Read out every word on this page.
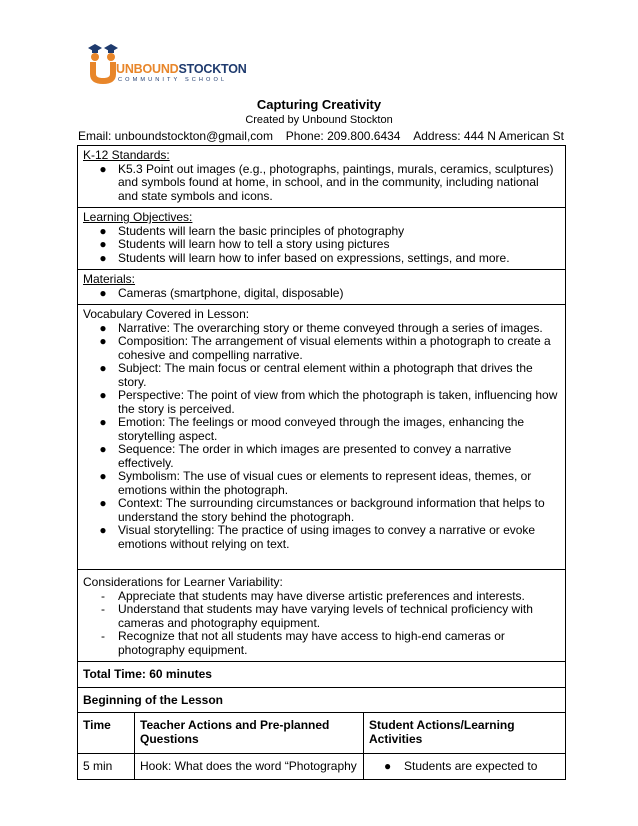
UNBOUNDSTOCKTON
COMMUNITY SCHOOL
Capturing Creativity
Created by Unbound Stockton
Email: unboundstockton@gmail,com Phone: 209.800.6434 Address: 444 N American St
K-12 Standards:
● K5.3 Point out images (e.g., photographs, paintings, murals, ceramics, sculptures) and symbols found at home, in school, and in the community, including national and state symbols and icons.
Learning Objectives:
● Students will learn the basic principles of photography
● Students will learn how to tell a story using pictures
● Students will learn how to infer based on expressions, settings, and more.
Materials:
● Cameras (smartphone, digital, disposable)
Vocabulary Covered in Lesson:
● Narrative: The overarching story or theme conveyed through a series of images.
● Composition: The arrangement of visual elements within a photograph to create a cohesive and compelling narrative.
● Subject: The main focus or central element within a photograph that drives the story.
● Perspective: The point of view from which the photograph is taken, influencing how the story is perceived.
● Emotion: The feelings or mood conveyed through the images, enhancing the storytelling aspect.
● Sequence: The order in which images are presented to convey a narrative effectively.
● Symbolism: The use of visual cues or elements to represent ideas, themes, or emotions within the photograph.
● Context: The surrounding circumstances or background information that helps to understand the story behind the photograph.
● Visual storytelling: The practice of using images to convey a narrative or evoke emotions without relying on text.
Considerations for Learner Variability:
-	Appreciate that students may have diverse artistic preferences and interests.
-	Understand that students may have varying levels of technical proficiency with cameras and photography equipment.
-	Recognize that not all students may have access to high-end cameras or photography equipment.
Total Time: 60 minutes
Beginning of the Lesson
Time	Teacher Actions and Pre-planned Questions	Student Actions/Learning Activities
5 min	Hook: What does the word “Photography	● Students are expected to
